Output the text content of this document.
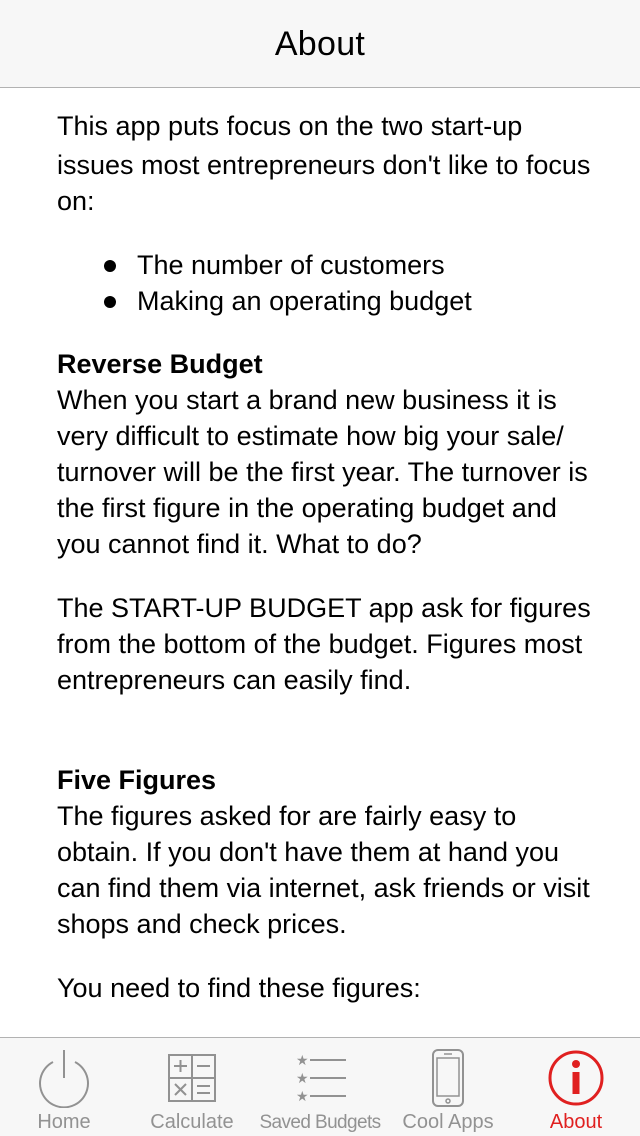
About
This app puts focus on the two start-up

issues most entrepreneurs don't like to focus on:

The number of customers
Making an operating budget
Reverse Budget

When you start a brand new business it is very difficult to estimate how big your sale/ turnover will be the first year. The turnover is the first figure in the operating budget and you cannot find it. What to do?

The START-UP BUDGET app ask for figures from the bottom of the budget. Figures most entrepreneurs can easily find.

Five Figures

The figures asked for are fairly easy to obtain. If you don't have them at hand you can find them via internet, ask friends or visit shops and check prices.

You need to find these figures:

Home	Calculate
★
★
★
Saved Budgets	Cool Apps	About
